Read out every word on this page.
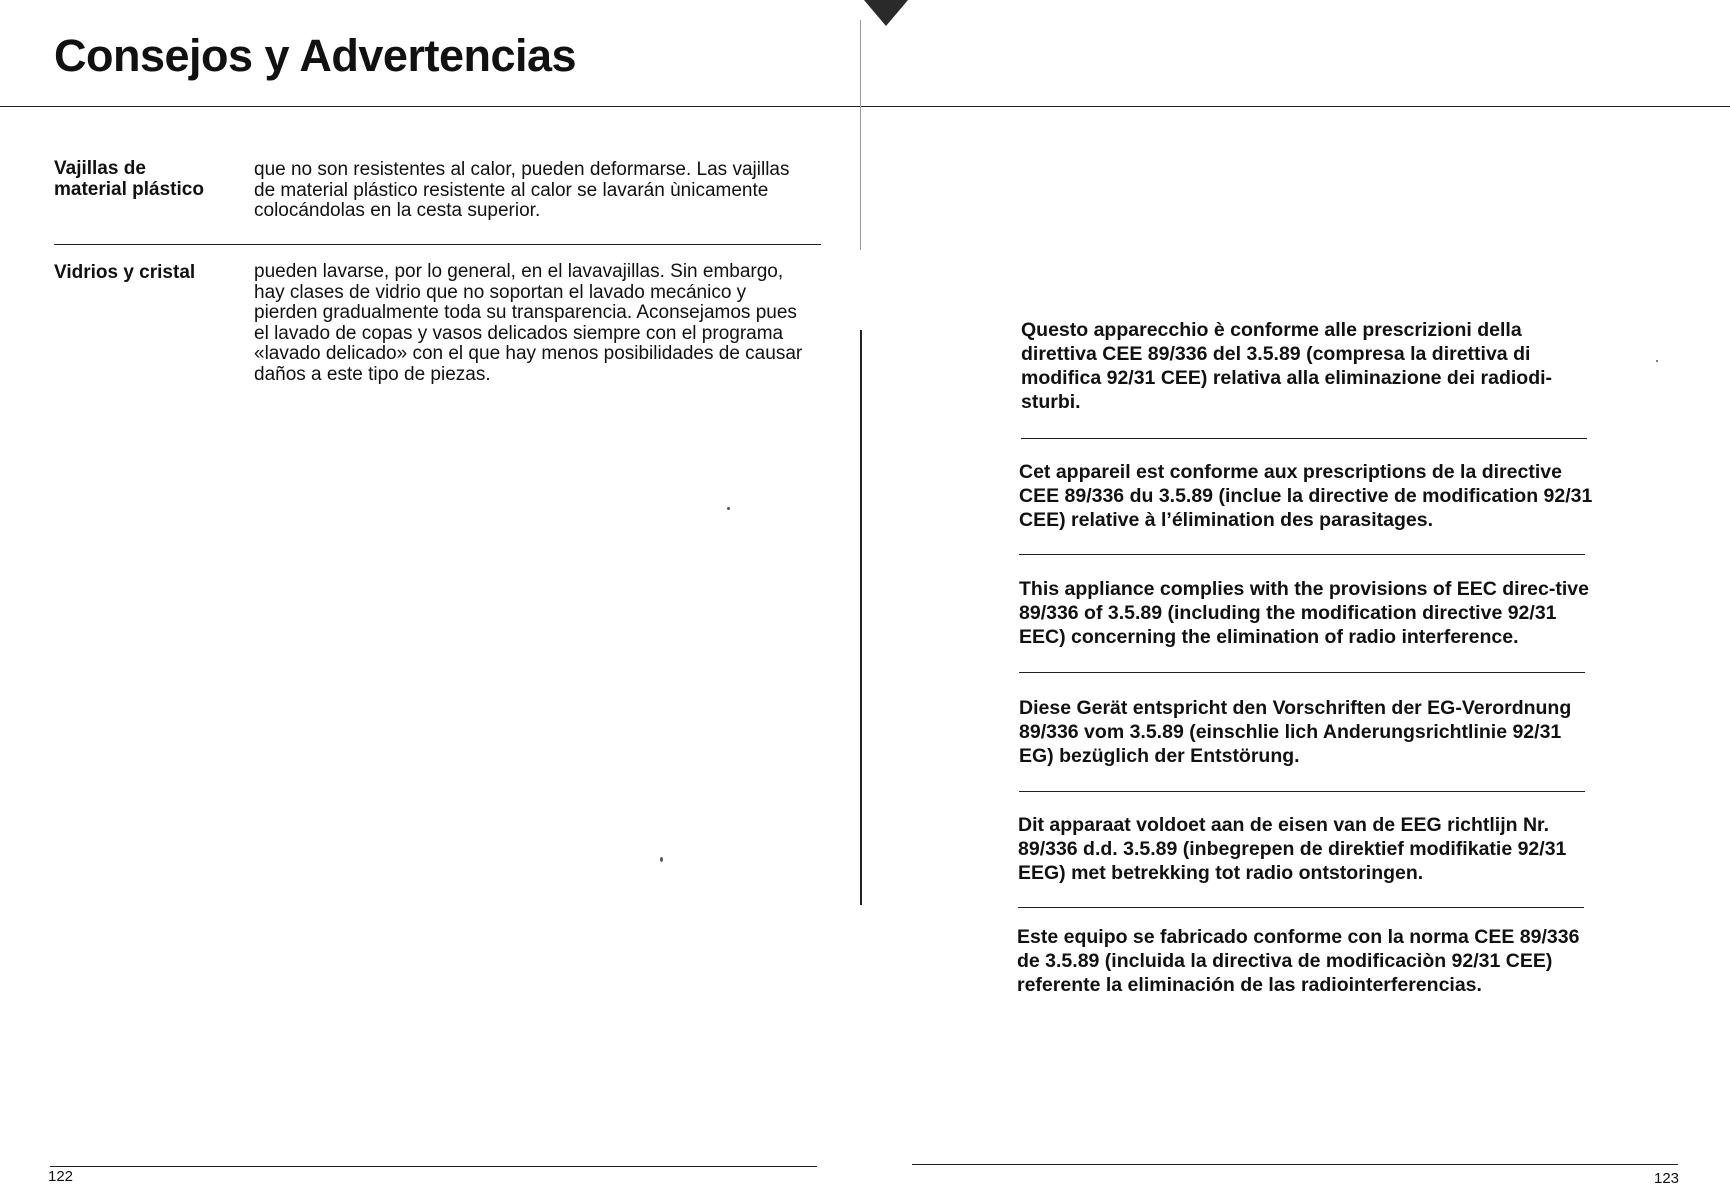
Consejos y Advertencias
Vajillas de
material plástico
que no son resistentes al calor, pueden deformarse. Las vajillas de material plástico resistente al calor se lavarán ùnicamente colocándolas en la cesta superior.
Vidrios y cristal	pueden lavarse, por lo general, en el lavavajillas. Sin embargo, hay clases de vidrio que no soportan el lavado mecánico y pierden gradualmente toda su transparencia. Aconsejamos pues el lavado de copas y vasos delicados siempre con el programa «lavado delicado» con el que hay menos posibilidades de causar daños a este tipo de piezas.
122
Questo apparecchio è conforme alle prescrizioni della direttiva CEE 89/336 del 3.5.89 (compresa la direttiva di modifica 92/31 CEE) relativa alla eliminazione dei radiodi-sturbi.
Cet appareil est conforme aux prescriptions de la directive CEE 89/336 du 3.5.89 (inclue la directive de modification 92/31 CEE) relative à l’élimination des parasitages.
This appliance complies with the provisions of EEC direc-tive 89/336 of 3.5.89 (including the modification directive 92/31 EEC) concerning the elimination of radio interference.
Diese Gerät entspricht den Vorschriften der EG-Verordnung 89/336 vom 3.5.89 (einschlie lich Anderungsrichtlinie 92/31 EG) bezüglich der Entstörung.
Dit apparaat voldoet aan de eisen van de EEG richtlijn Nr. 89/336 d.d. 3.5.89 (inbegrepen de direktief modifikatie 92/31 EEG) met betrekking tot radio ontstoringen.
Este equipo se fabricado conforme con la norma CEE 89/336 de 3.5.89 (incluida la directiva de modificaciòn 92/31 CEE) referente la eliminación de las radiointerferencias.
123
